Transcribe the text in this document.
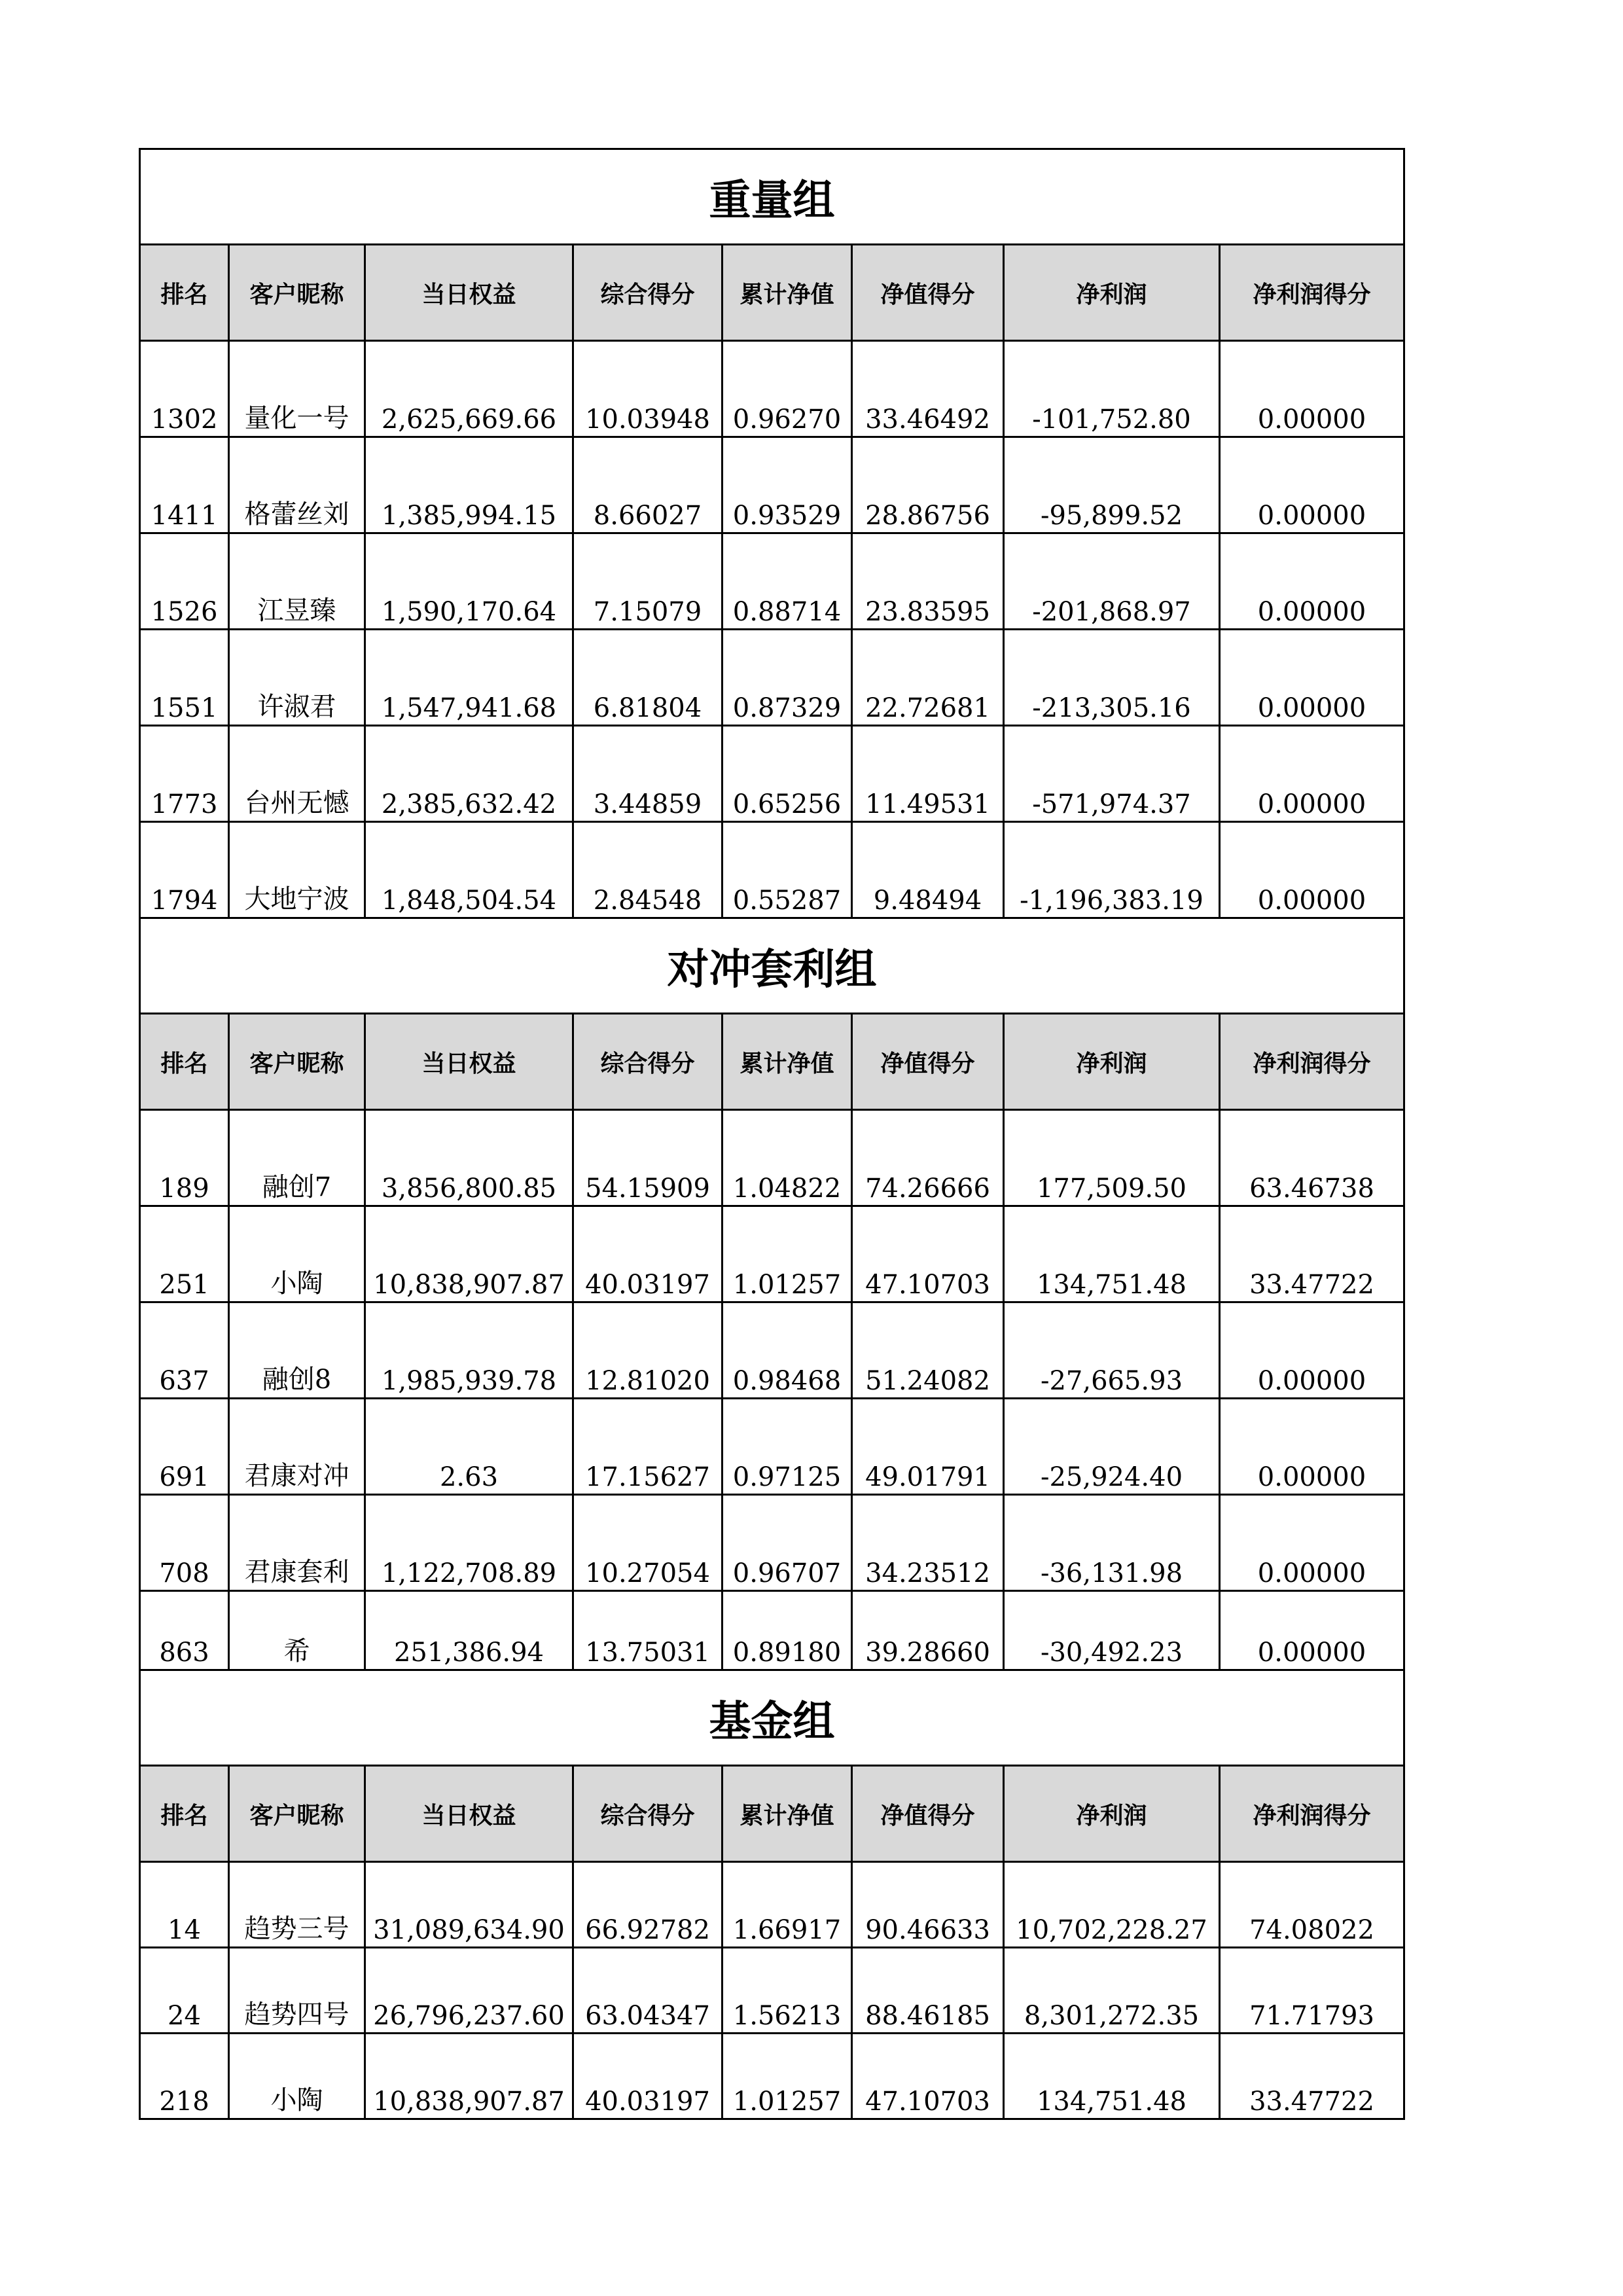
重量组							
排名	客户昵称	当日权益	综合得分	累计净值	净值得分	净利润	净利润得分
1302	量化一号	2,625,669.66	10.03948	0.96270	33.46492	-101,752.80	0.00000
1411	格蕾丝刘	1,385,994.15	8.66027	0.93529	28.86756	-95,899.52	0.00000
1526	江昱臻	1,590,170.64	7.15079	0.88714	23.83595	-201,868.97	0.00000
1551	许淑君	1,547,941.68	6.81804	0.87329	22.72681	-213,305.16	0.00000
1773	台州无憾	2,385,632.42	3.44859	0.65256	11.49531	-571,974.37	0.00000
1794	大地宁波	1,848,504.54	2.84548	0.55287	9.48494	-1,196,383.19	0.00000
对冲套利组							
排名	客户昵称	当日权益	综合得分	累计净值	净值得分	净利润	净利润得分
189	融创7	3,856,800.85	54.15909	1.04822	74.26666	177,509.50	63.46738
251	小陶	10,838,907.87	40.03197	1.01257	47.10703	134,751.48	33.47722
637	融创8	1,985,939.78	12.81020	0.98468	51.24082	-27,665.93	0.00000
691	君康对冲	2.63	17.15627	0.97125	49.01791	-25,924.40	0.00000
708	君康套利	1,122,708.89	10.27054	0.96707	34.23512	-36,131.98	0.00000
863	希	251,386.94	13.75031	0.89180	39.28660	-30,492.23	0.00000
基金组							
排名	客户昵称	当日权益	综合得分	累计净值	净值得分	净利润	净利润得分
14	趋势三号	31,089,634.90	66.92782	1.66917	90.46633	10,702,228.27	74.08022
24	趋势四号	26,796,237.60	63.04347	1.56213	88.46185	8,301,272.35	71.71793
218	小陶	10,838,907.87	40.03197	1.01257	47.10703	134,751.48	33.47722
